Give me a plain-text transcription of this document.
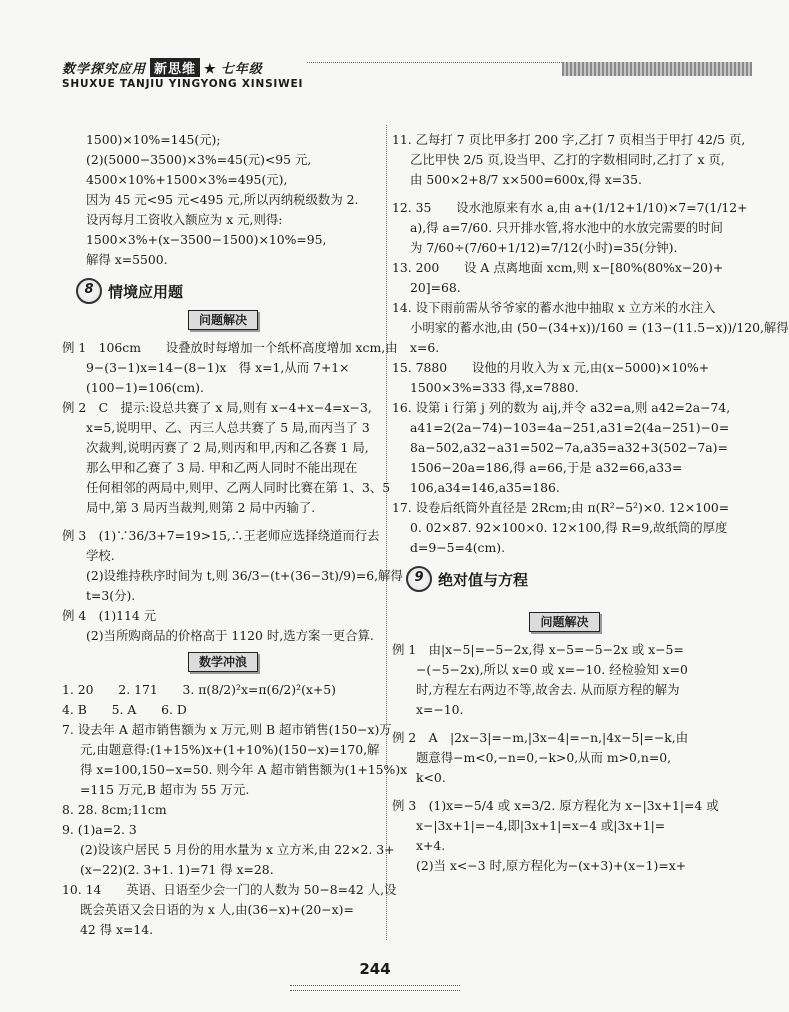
数学探究应用 新思维 ★ 七年级
SHUXUE TANJIU YINGYONG XINSIWEI
1500)×10%=145(元);
(2)(5000−3500)×3%=45(元)<95 元,
4500×10%+1500×3%=495(元),
因为 45 元<95 元<495 元,所以丙纳税级数为 2.
设丙每月工资收入额应为 x 元,则得:
1500×3%+(x−3500−1500)×10%=95,
解得 x=5500.
8 情境应用题
问题解决
例 1　106cm　　设叠放时每增加一个纸杯高度增加 xcm,由
9−(3−1)x=14−(8−1)x　得 x=1,从而 7+1×
(100−1)=106(cm).
例 2　C　提示:设总共赛了 x 局,则有 x−4+x−4=x−3,
x=5,说明甲、乙、丙三人总共赛了 5 局,而丙当了 3
次裁判,说明丙赛了 2 局,则丙和甲,丙和乙各赛 1 局,
那么甲和乙赛了 3 局. 甲和乙两人同时不能出现在
任何相邻的两局中,则甲、乙两人同时比赛在第 1、3、5
局中,第 3 局丙当裁判,则第 2 局中丙输了.
例 3　(1)∵36/3+7=19>15,∴王老师应选择绕道而行去
学校.
(2)设维持秩序时间为 t,则 36/3−(t+(36−3t)/9)=6,解得
t=3(分).
例 4　(1)114 元
(2)当所购商品的价格高于 1120 时,选方案一更合算.
数学冲浪
1. 20　　2. 171　　3. π(8/2)²x=π(6/2)²(x+5)
4. B　　5. A　　6. D
7. 设去年 A 超市销售额为 x 万元,则 B 超市销售(150−x)万
元,由题意得:(1+15%)x+(1+10%)(150−x)=170,解
得 x=100,150−x=50. 则今年 A 超市销售额为(1+15%)x
=115 万元,B 超市为 55 万元.
8. 28. 8cm;11cm
9. (1)a=2. 3
(2)设该户居民 5 月份的用水量为 x 立方米,由 22×2. 3+
(x−22)(2. 3+1. 1)=71 得 x=28.
10. 14　　英语、日语至少会一门的人数为 50−8=42 人,设
既会英语又会日语的为 x 人,由(36−x)+(20−x)=
42 得 x=14.
11. 乙每打 7 页比甲多打 200 字,乙打 7 页相当于甲打 42/5 页,
乙比甲快 2/5 页,设当甲、乙打的字数相同时,乙打了 x 页,
由 500×2+8/7 x×500=600x,得 x=35.
12. 35　　设水池原来有水 a,由 a+(1/12+1/10)×7=7(1/12+
a),得 a=7/60. 只开排水管,将水池中的水放完需要的时间
为 7/60÷(7/60+1/12)=7/12(小时)=35(分钟).
13. 200　　设 A 点离地面 xcm,则 x−[80%(80%x−20)+
20]=68.
14. 设下雨前需从爷爷家的蓄水池中抽取 x 立方米的水注入
小明家的蓄水池,由 (50−(34+x))/160 = (13−(11.5−x))/120,解得
x=6.
15. 7880　　设他的月收入为 x 元,由(x−5000)×10%+
1500×3%=333 得,x=7880.
16. 设第 i 行第 j 列的数为 aij,并令 a32=a,则 a42=2a−74,
a41=2(2a−74)−103=4a−251,a31=2(4a−251)−0=
8a−502,a32−a31=502−7a,a35=a32+3(502−7a)=
1506−20a=186,得 a=66,于是 a32=66,a33=
106,a34=146,a35=186.
17. 设卷后纸筒外直径是 2Rcm;由 π(R²−5²)×0. 12×100=
0. 02×87. 92×100×0. 12×100,得 R=9,故纸筒的厚度
d=9−5=4(cm).
9 绝对值与方程
问题解决
例 1　由|x−5|=−5−2x,得 x−5=−5−2x 或 x−5=
−(−5−2x),所以 x=0 或 x=−10. 经检验知 x=0
时,方程左右两边不等,故舍去. 从而原方程的解为
x=−10.
例 2　A　|2x−3|=−m,|3x−4|=−n,|4x−5|=−k,由
题意得−m<0,−n=0,−k>0,从而 m>0,n=0,
k<0.
例 3　(1)x=−5/4 或 x=3/2. 原方程化为 x−|3x+1|=4 或
x−|3x+1|=−4,即|3x+1|=x−4 或|3x+1|=
x+4.
(2)当 x<−3 时,原方程化为−(x+3)+(x−1)=x+
244
